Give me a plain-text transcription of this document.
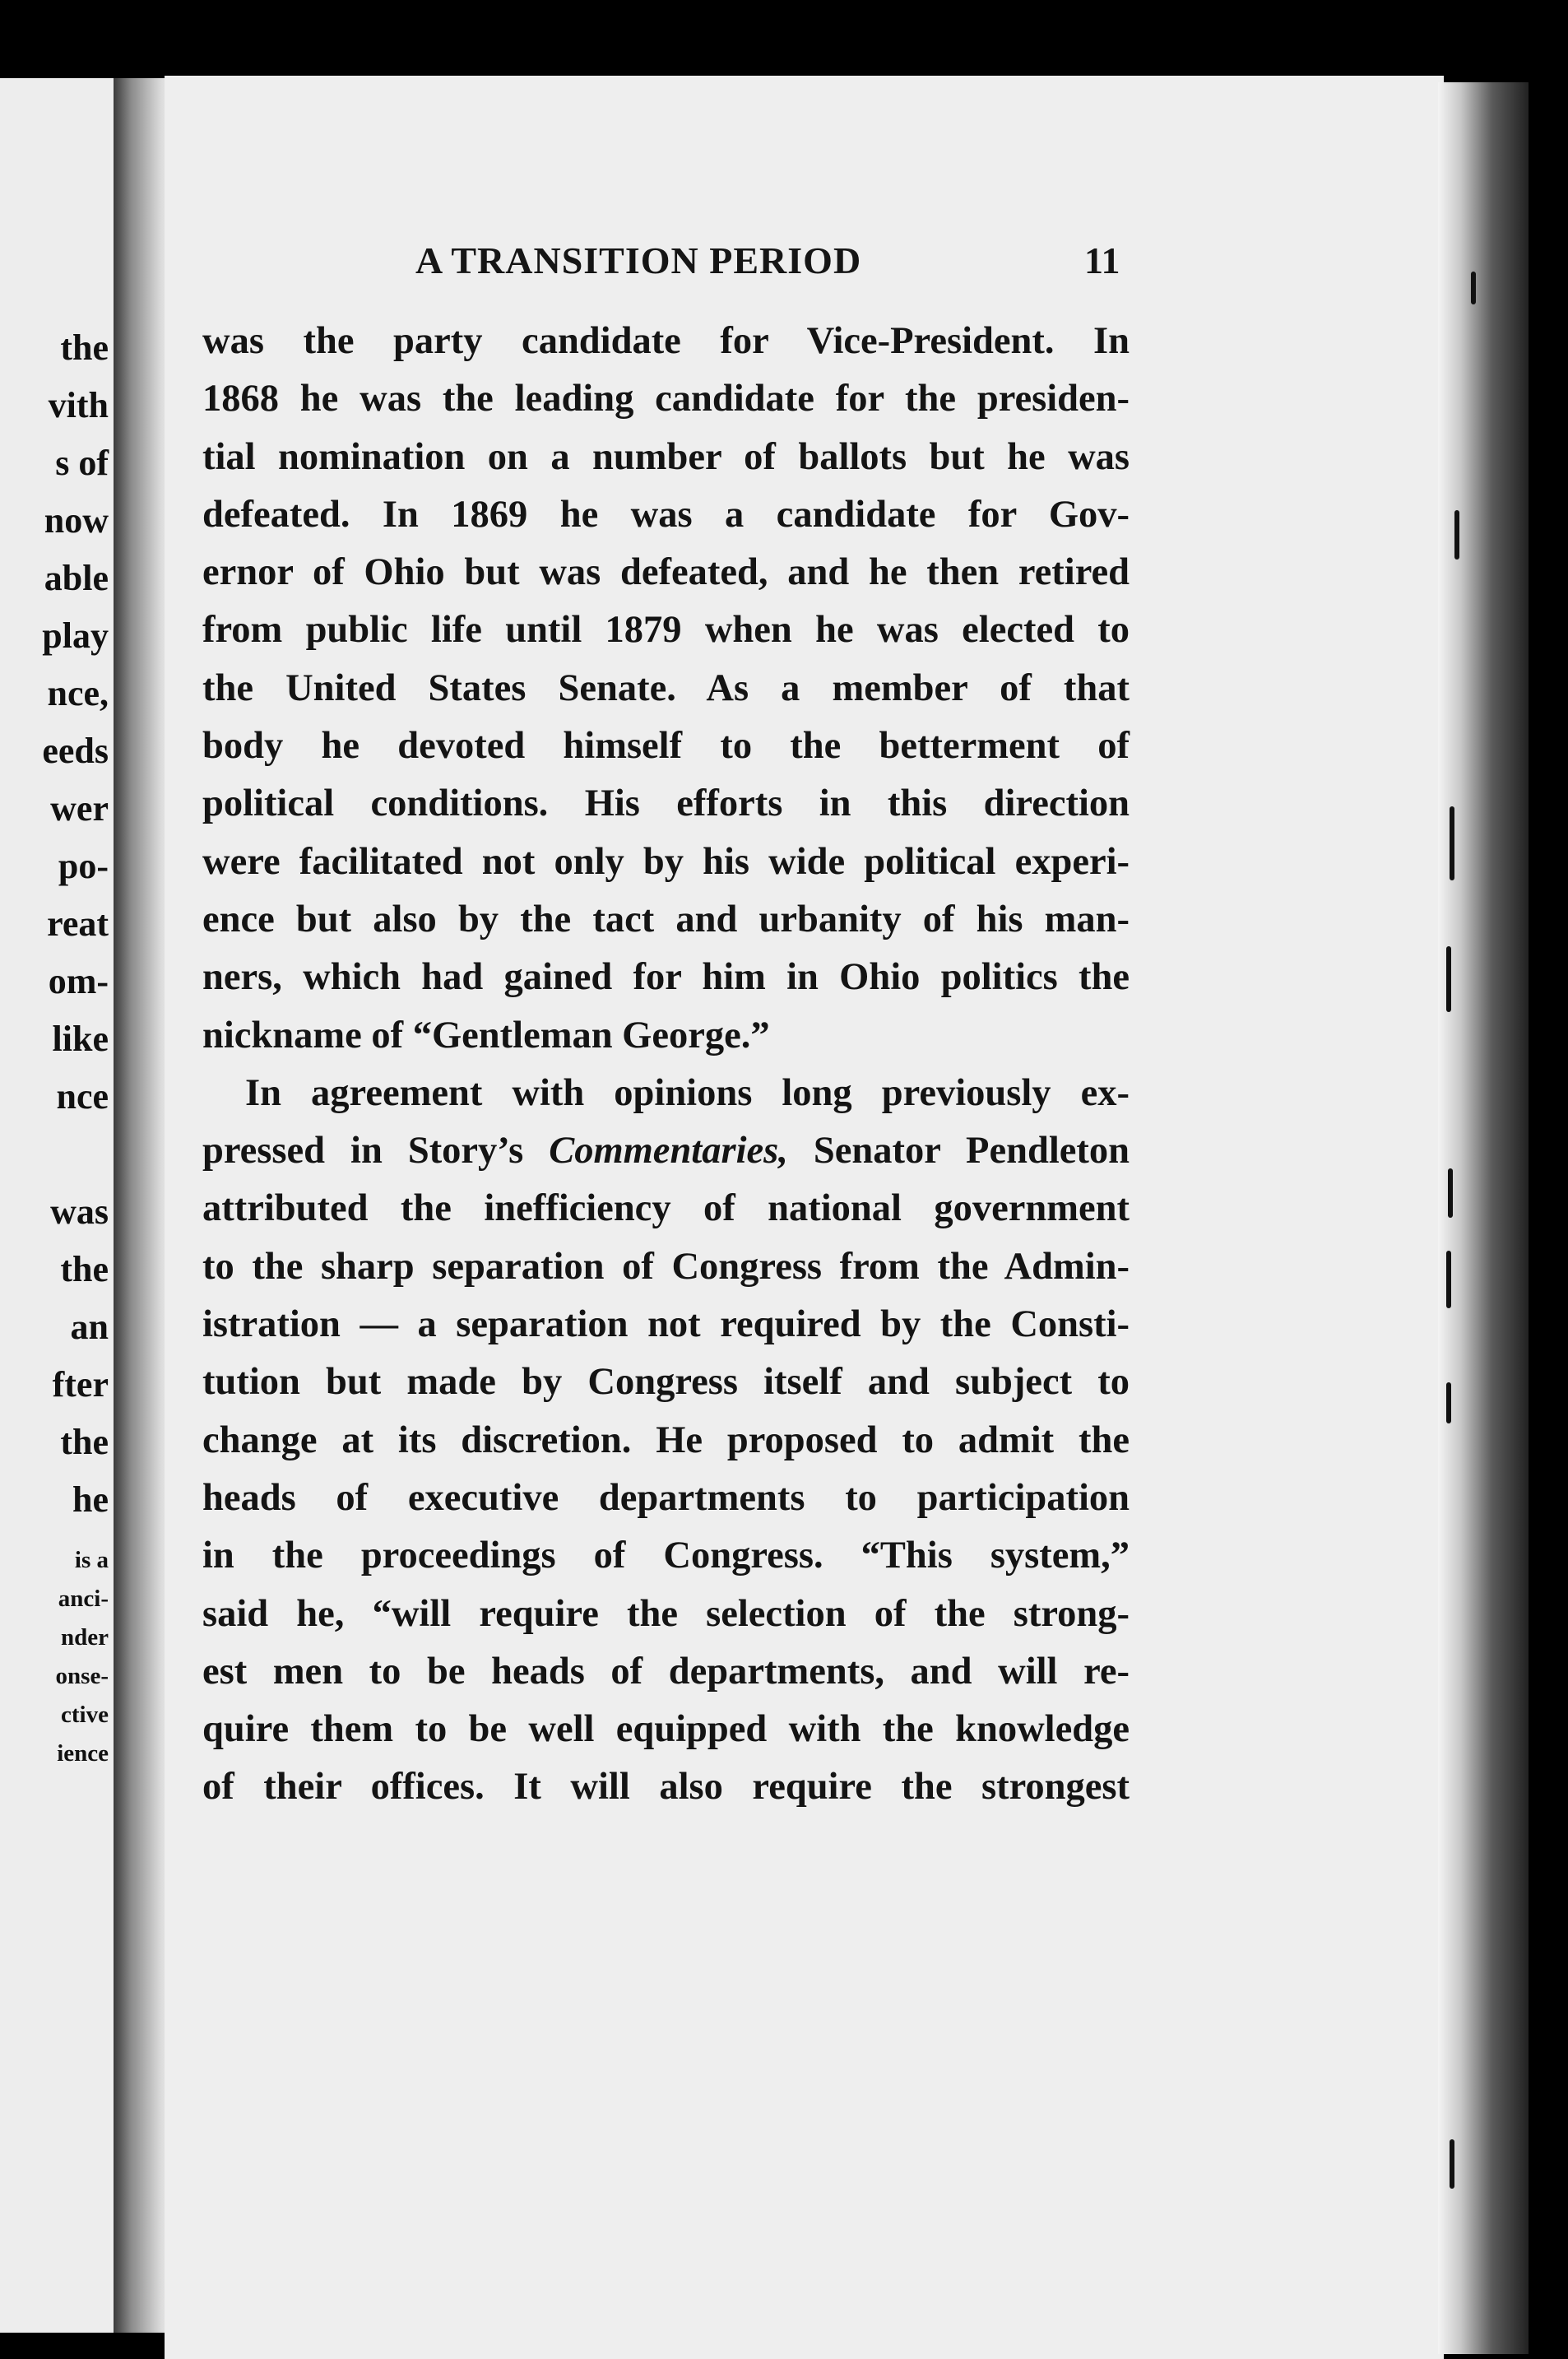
the
vith
s of
now
able
play
nce,
eeds
wer
po-
reat
om-
like
nce
was
the
an
fter
the
he
is a
anci-
nder
onse-
ctive
ience
A TRANSITION PERIOD	11
was the party candidate for Vice-President. In
1868 he was the leading candidate for the presiden-
tial nomination on a number of ballots but he was
defeated. In 1869 he was a candidate for Gov-
ernor of Ohio but was defeated, and he then retired
from public life until 1879 when he was elected to
the United States Senate. As a member of that
body he devoted himself to the betterment of
political conditions. His efforts in this direction
were facilitated not only by his wide political experi-
ence but also by the tact and urbanity of his man-
ners, which had gained for him in Ohio politics the
nickname of “Gentleman George.”
In agreement with opinions long previously ex-
pressed in Story’s Commentaries, Senator Pendleton
attributed the inefficiency of national government
to the sharp separation of Congress from the Admin-
istration — a separation not required by the Consti-
tution but made by Congress itself and subject to
change at its discretion. He proposed to admit the
heads of executive departments to participation
in the proceedings of Congress. “This system,”
said he, “will require the selection of the strong-
est men to be heads of departments, and will re-
quire them to be well equipped with the knowledge
of their offices. It will also require the strongest
